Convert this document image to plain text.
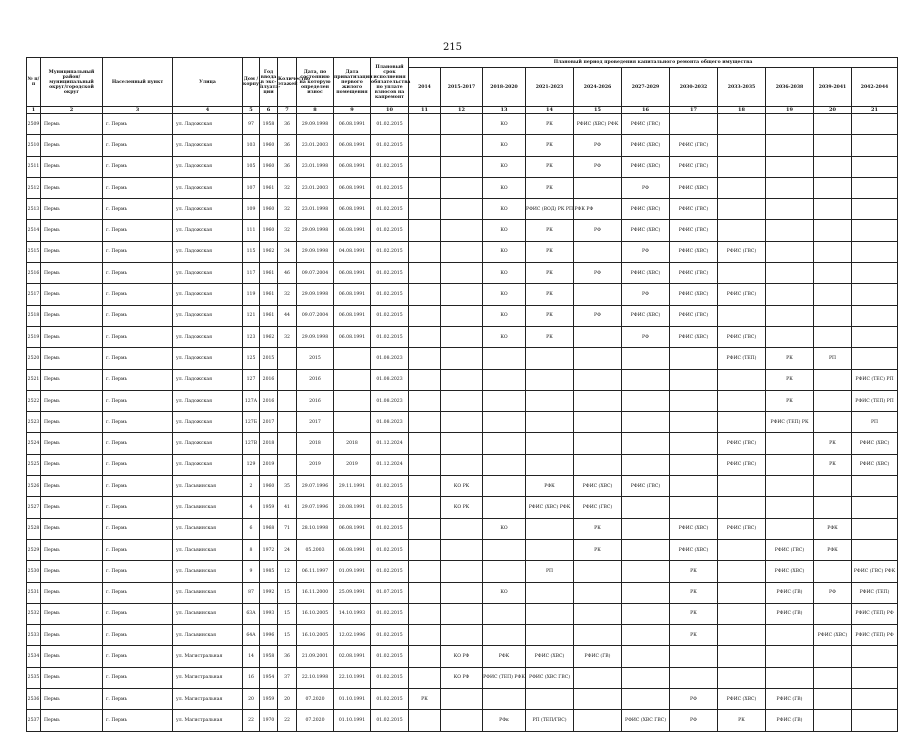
215
№ п/п	Муниципальный район/ муниципальный округ/городской округ	Населенный пункт	Улица	Дом / корпус	Год ввода в экс-плуата-ции	Количество этажей	Дата, по состоянию на которую определен износ	Дата приватизации первого жилого помещения	Плановый срок исполнения обязательства по уплате взносов на капремонт	Плановый период проведения капитального ремонта общего имущества										
										2014	2015-2017	2018-2020	2021-2023	2024-2026	2027-2029	2030-2032	2033-2035	2036-2038	2039-2041	2042-2044
1	2	3	4	5	6	7	8	9	10	11	12	13	14	15	16	17	18	19	20	21
2509	Пермь	г. Пермь	ул. Ладожская	97	1958	36	29.09.1998	06.08.1991	01.02.2015			КО	РК	РФИС (ХВС) РФК	РФИС (ГВС)					
2510	Пермь	г. Пермь	ул. Ладожская	103	1960	36	23.01.2003	06.08.1991	01.02.2015			КО	РК	РФ	РФИС (ХВС)	РФИС (ГВС)				
2511	Пермь	г. Пермь	ул. Ладожская	105	1960	36	23.01.1998	06.08.1991	01.02.2015			КО	РК	РФ	РФИС (ХВС)	РФИС (ГВС)				
2512	Пермь	г. Пермь	ул. Ладожская	107	1961	32	23.01.2003	06.08.1991	01.02.2015			КО	РК		РФ	РФИС (ХВС)				
2513	Пермь	г. Пермь	ул. Ладожская	109	1960	32	23.01.1998	06.08.1991	01.02.2015			КО	РФИС (ВОД) РК РП РФК РФ		РФИС (ХВС)	РФИС (ГВС)				
2514	Пермь	г. Пермь	ул. Ладожская	111	1960	32	29.09.1998	06.08.1991	01.02.2015			КО	РК	РФ	РФИС (ХВС)	РФИС (ГВС)				
2515	Пермь	г. Пермь	ул. Ладожская	115	1962	34	29.09.1998	04.08.1991	01.02.2015			КО	РК		РФ	РФИС (ХВС)	РФИС (ГВС)			
2516	Пермь	г. Пермь	ул. Ладожская	117	1961	46	09.07.2004	06.08.1991	01.02.2015			КО	РК	РФ	РФИС (ХВС)	РФИС (ГВС)				
2517	Пермь	г. Пермь	ул. Ладожская	119	1961	32	29.09.1998	06.08.1991	01.02.2015			КО	РК		РФ	РФИС (ХВС)	РФИС (ГВС)			
2518	Пермь	г. Пермь	ул. Ладожская	121	1961	44	09.07.2004	06.08.1991	01.02.2015			КО	РК	РФ	РФИС (ХВС)	РФИС (ГВС)				
2519	Пермь	г. Пермь	ул. Ладожская	123	1962	32	29.09.1998	06.08.1991	01.02.2015			КО	РК		РФ	РФИС (ХВС)	РФИС (ГВС)			
2520	Пермь	г. Пермь	ул. Ладожская	125	2015		2015		01.08.2023								РФИС (ТЕП)	РК	РП	
2521	Пермь	г. Пермь	ул. Ладожская	127	2016		2016		01.08.2023									РК		РФИС (ТЕС) РП
2522	Пермь	г. Пермь	ул. Ладожская	127А	2016		2016		01.08.2023									РК		РФИС (ТЕП) РП
2523	Пермь	г. Пермь	ул. Ладожская	127Б	2017		2017		01.08.2023									РФИС (ТЕП) РК		РП
2524	Пермь	г. Пермь	ул. Ладожская	127В	2018		2018	2018	01.12.2024								РФИС (ГВС)		РК	РФИС (ХВС)
2525	Пермь	г. Пермь	ул. Ладожская	129	2019		2019	2019	01.12.2024								РФИС (ГВС)		РК	РФИС (ХВС)
2526	Пермь	г. Пермь	ул. Ласьвинская	2	1960	35	29.07.1996	29.11.1991	01.02.2015		КО РК		РФК	РФИС (ХВС)	РФИС (ГВС)					
2527	Пермь	г. Пермь	ул. Ласьвинская	4	1959	41	29.07.1996	20.08.1991	01.02.2015		КО РК		РФИС (ХВС) РФК	РФИС (ГВС)						
2528	Пермь	г. Пермь	ул. Ласьвинская	6	1968	71	28.10.1998	06.08.1991	01.02.2015			КО		РК		РФИС (ХВС)	РФИС (ГВС)		РФК	
2529	Пермь	г. Пермь	ул. Ласьвинская	8	1972	24	05.2003	06.08.1991	01.02.2015					РК		РФИС (ХВС)		РФИС (ГВС)	РФК	
2530	Пермь	г. Пермь	ул. Ласьвинская	9	1985	12	06.11.1997	01.09.1991	01.02.2015				РП			РК		РФИС (ХВС)		РФИС (ГВС) РФК
2531	Пермь	г. Пермь	ул. Ласьвинская	87	1992	15	16.11.2000	25.09.1991	01.07.2015			КО				РК		РФИС (ГВ)	РФ	РФИС (ТЕП)
2532	Пермь	г. Пермь	ул. Ласьвинская	63А	1993	15	16.10.2005	14.10.1993	01.02.2015							РК		РФИС (ГВ)		РФИС (ТЕП) РФ
2533	Пермь	г. Пермь	ул. Ласьвинская	64А	1996	15	16.10.2005	12.02.1996	01.02.2015							РК			РФИС (ХВС)	РФИС (ТЕП) РФ
2534	Пермь	г. Пермь	ул. Магистральная	14	1958	36	21.09.2001	02.08.1991	01.02.2015		КО РФ	РФК	РФИС (ХВС)	РФИС (ГВ)						
2535	Пермь	г. Пермь	ул. Магистральная	16	1954	37	22.10.1998	22.10.1991	01.02.2015		КО РФ	РФИС (ТЕП) РФК	РФИС (ХВС ГВС)							
2536	Пермь	г. Пермь	ул. Магистральная	20	1959	20	07.2020	01.10.1991	01.02.2015	РК						РФ	РФИС (ХВС)	РФИС (ГВ)		
2537	Пермь	г. Пермь	ул. Магистральная	22	1970	22	07.2020	01.10.1991	01.02.2015			РФк	РП (ТЕП/ГВС)		РФИС (ХВС ГВС)	РФ	РК	РФИС (ГВ)		
